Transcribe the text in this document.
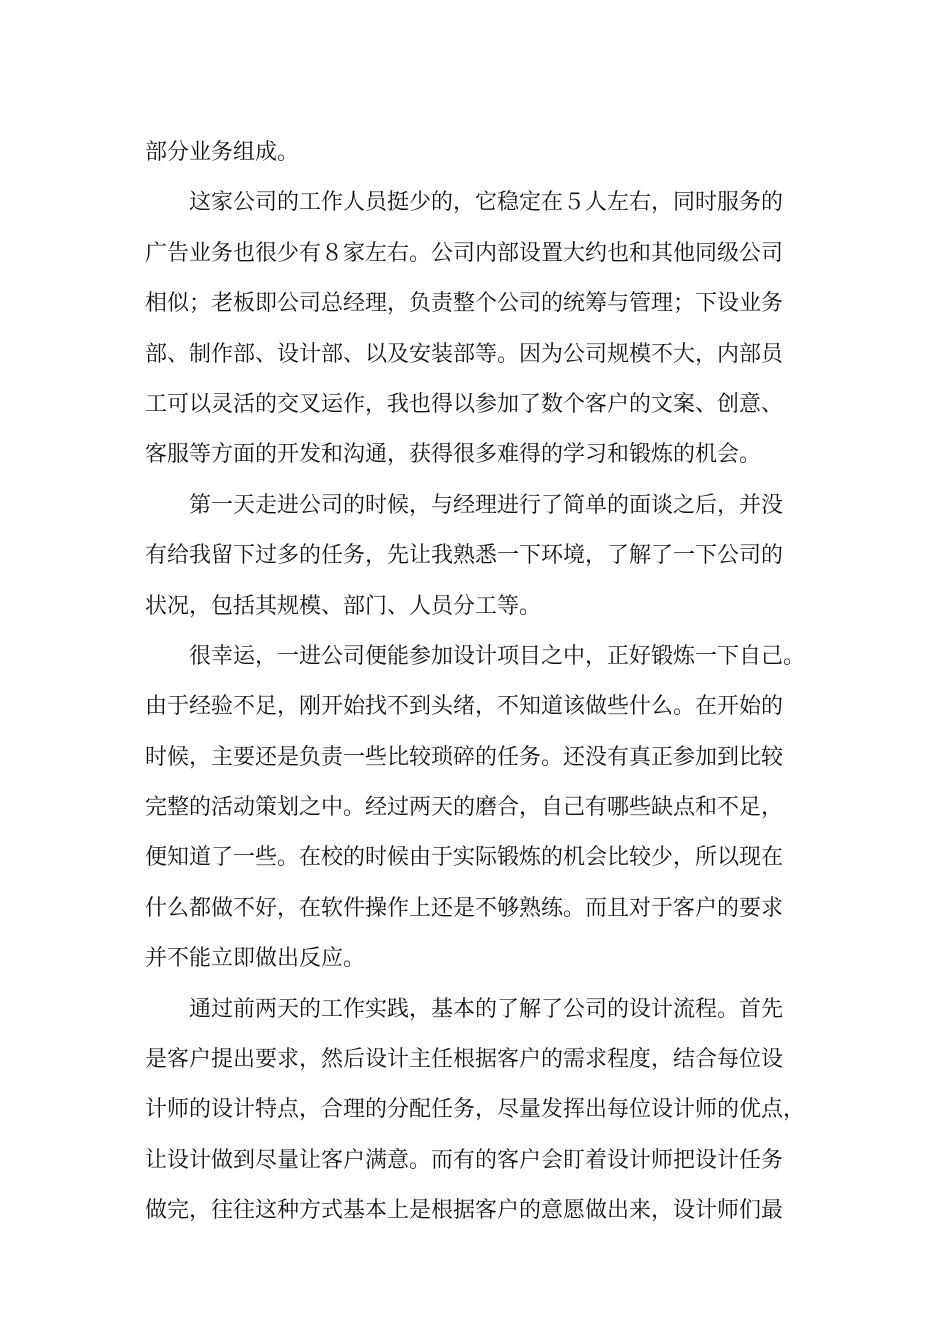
部分业务组成。
这家公司的工作人员挺少的，它稳定在５人左右，同时服务的
广告业务也很少有８家左右。公司内部设置大约也和其他同级公司
相似；老板即公司总经理，负责整个公司的统筹与管理；下设业务
部、制作部、设计部、以及安装部等。因为公司规模不大，内部员
工可以灵活的交叉运作，我也得以参加了数个客户的文案、创意、
客服等方面的开发和沟通，获得很多难得的学习和锻炼的机会。
第一天走进公司的时候，与经理进行了简单的面谈之后，并没
有给我留下过多的任务，先让我熟悉一下环境，了解了一下公司的
状况，包括其规模、部门、人员分工等。
很幸运，一进公司便能参加设计项目之中，正好锻炼一下自己。
由于经验不足，刚开始找不到头绪，不知道该做些什么。在开始的
时候，主要还是负责一些比较琐碎的任务。还没有真正参加到比较
完整的活动策划之中。经过两天的磨合，自己有哪些缺点和不足，
便知道了一些。在校的时候由于实际锻炼的机会比较少，所以现在
什么都做不好，在软件操作上还是不够熟练。而且对于客户的要求
并不能立即做出反应。
通过前两天的工作实践，基本的了解了公司的设计流程。首先
是客户提出要求，然后设计主任根据客户的需求程度，结合每位设
计师的设计特点，合理的分配任务，尽量发挥出每位设计师的优点，
让设计做到尽量让客户满意。而有的客户会盯着设计师把设计任务
做完，往往这种方式基本上是根据客户的意愿做出来，设计师们最
